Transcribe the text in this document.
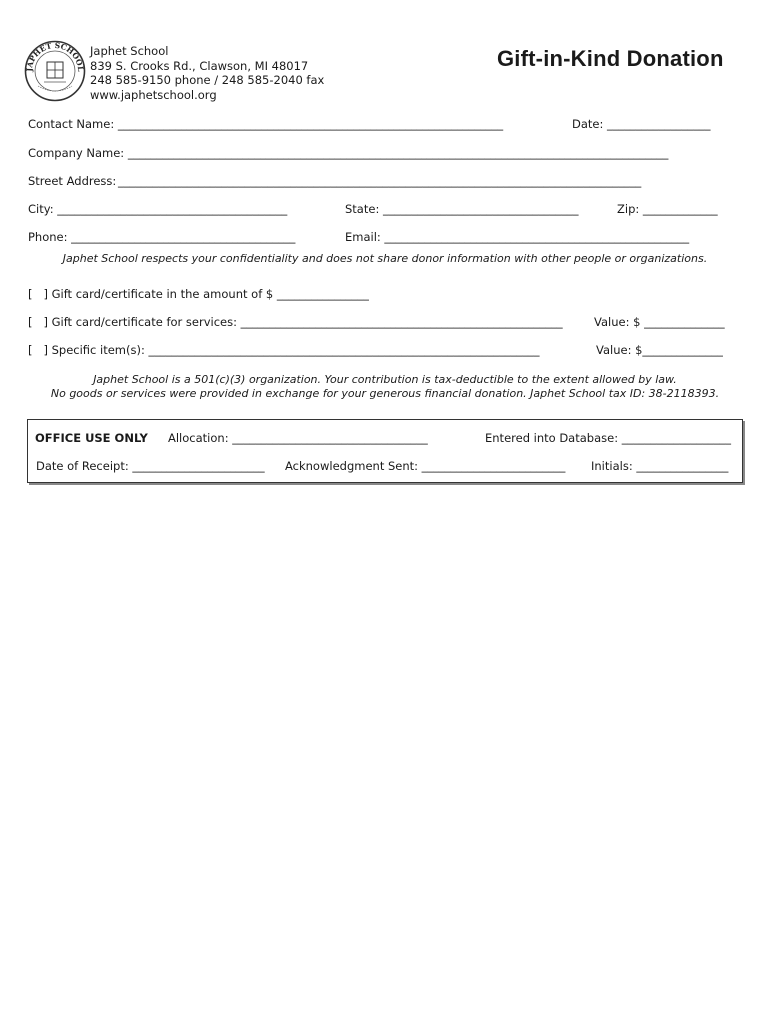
JAPHET SCHOOL
Japhet School
839 S. Crooks Rd., Clawson, MI 48017
248 585-9150 phone / 248 585-2040 fax
www.japhetschool.org
Gift-in-Kind Donation
Contact Name: ___________________________________________________________________	Date: __________________
Company Name: ______________________________________________________________________________________________
Street Address: ___________________________________________________________________________________________
City: ________________________________________	State: __________________________________	Zip: _____________
Phone: _______________________________________	Email: _____________________________________________________
Japhet School respects your confidentiality and does not share donor information with other people or organizations.
[   ] Gift card/certificate in the amount of $ ________________
[   ] Gift card/certificate for services: ________________________________________________________	Value: $ ______________
[   ] Specific item(s): ____________________________________________________________________	Value: $______________
Japhet School is a 501(c)(3) organization. Your contribution is tax-deductible to the extent allowed by law.
No goods or services were provided in exchange for your generous financial donation. Japhet School tax ID: 38-2118393.
OFFICE USE ONLY Allocation: __________________________________	Entered into Database: ___________________
Date of Receipt: _______________________ Acknowledgment Sent: _________________________ Initials: ________________
